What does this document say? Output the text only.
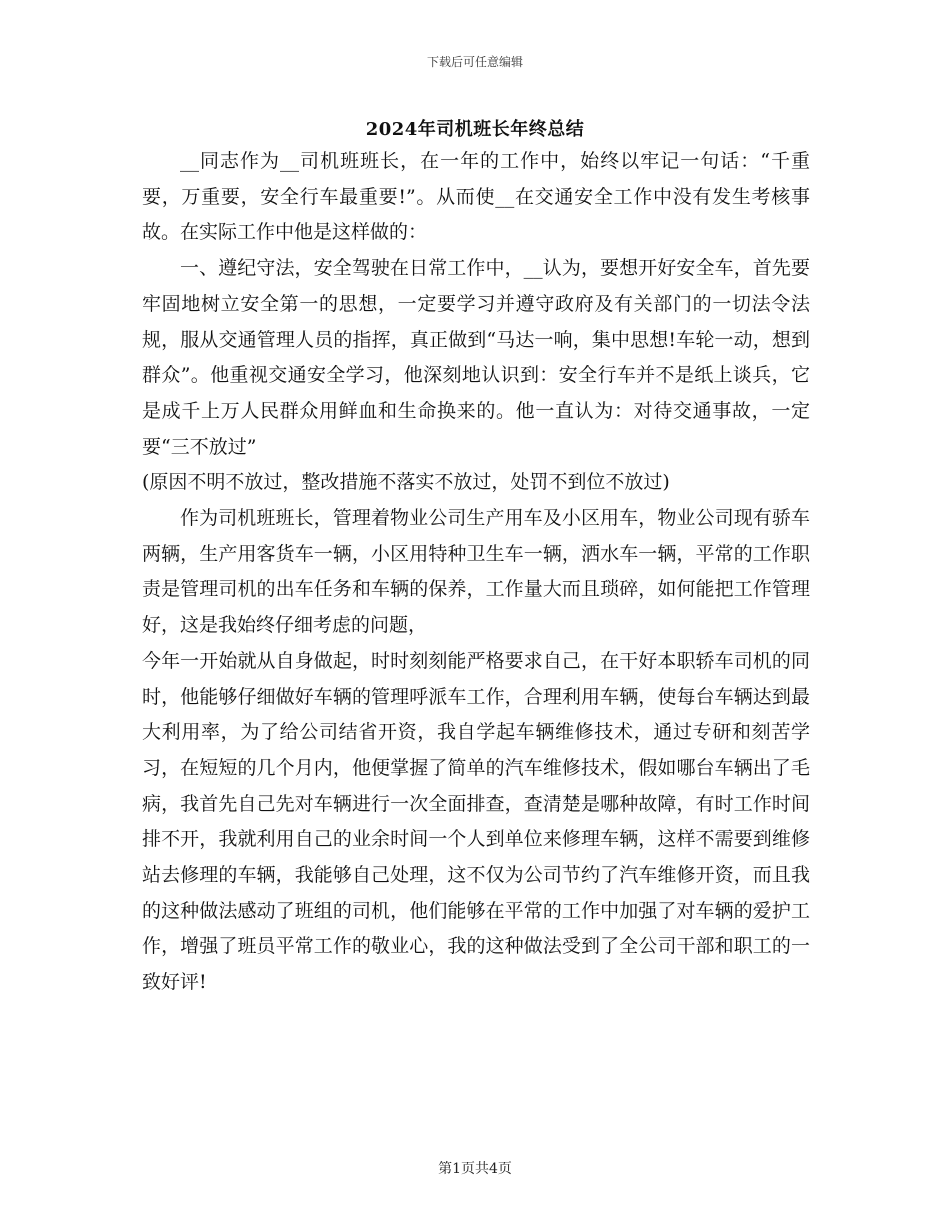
下载后可任意编辑
2024年司机班长年终总结

__同志作为__司机班班长，在一年的工作中，始终以牢记一句话：“千重要，万重要，安全行车最重要!”。从而使__在交通安全工作中没有发生考核事故。在实际工作中他是这样做的：

一、遵纪守法，安全驾驶在日常工作中，__认为，要想开好安全车，首先要牢固地树立安全第一的思想，一定要学习并遵守政府及有关部门的一切法令法规，服从交通管理人员的指挥，真正做到“马达一响，集中思想!车轮一动，想到群众”。他重视交通安全学习，他深刻地认识到：安全行车并不是纸上谈兵，它是成千上万人民群众用鲜血和生命换来的。他一直认为：对待交通事故，一定要“三不放过”

(原因不明不放过，整改措施不落实不放过，处罚不到位不放过)

作为司机班班长，管理着物业公司生产用车及小区用车，物业公司现有骄车两辆，生产用客货车一辆，小区用特种卫生车一辆，洒水车一辆，平常的工作职责是管理司机的出车任务和车辆的保养，工作量大而且琐碎，如何能把工作管理好，这是我始终仔细考虑的问题，

今年一开始就从自身做起，时时刻刻能严格要求自己，在干好本职轿车司机的同时，他能够仔细做好车辆的管理呼派车工作，合理利用车辆，使每台车辆达到最大利用率，为了给公司结省开资，我自学起车辆维修技术，通过专研和刻苦学习，在短短的几个月内，他便掌握了简单的汽车维修技术，假如哪台车辆出了毛病，我首先自己先对车辆进行一次全面排查，查清楚是哪种故障，有时工作时间排不开，我就利用自己的业余时间一个人到单位来修理车辆，这样不需要到维修站去修理的车辆，我能够自己处理，这不仅为公司节约了汽车维修开资，而且我的这种做法感动了班组的司机，他们能够在平常的工作中加强了对车辆的爱护工作，增强了班员平常工作的敬业心，我的这种做法受到了全公司干部和职工的一致好评!

第1页共4页
